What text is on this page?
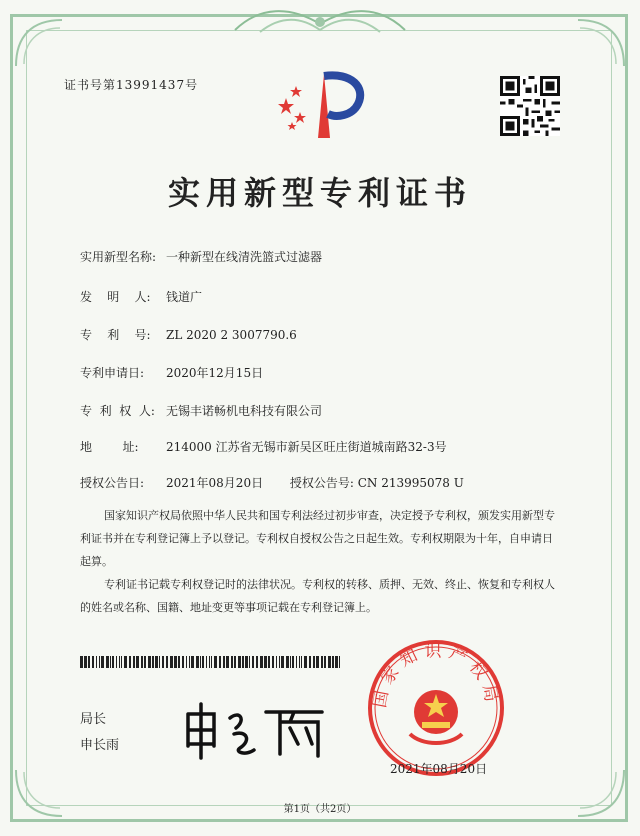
证书号第13991437号
实用新型专利证书
实用新型名称: 一种新型在线清洗篮式过滤器
发    明    人: 钱道广
专    利    号: ZL 2020 2 3007790.6
专利申请日: 2020年12月15日
专  利  权  人: 无锡丰诺畅机电科技有限公司
地        址: 214000 江苏省无锡市新吴区旺庄街道城南路32-3号
授权公告日: 2021年08月20日 授权公告号: CN 213995078 U
国家知识产权局依照中华人民共和国专利法经过初步审查，决定授予专利权，颁发实用新型专利证书并在专利登记簿上予以登记。专利权自授权公告之日起生效。专利权期限为十年，自申请日起算。
专利证书记载专利权登记时的法律状况。专利权的转移、质押、无效、终止、恢复和专利权人的姓名或名称、国籍、地址变更等事项记载在专利登记簿上。
局长
申长雨
国家知识产权局
2021年08月20日
第1页（共2页）
